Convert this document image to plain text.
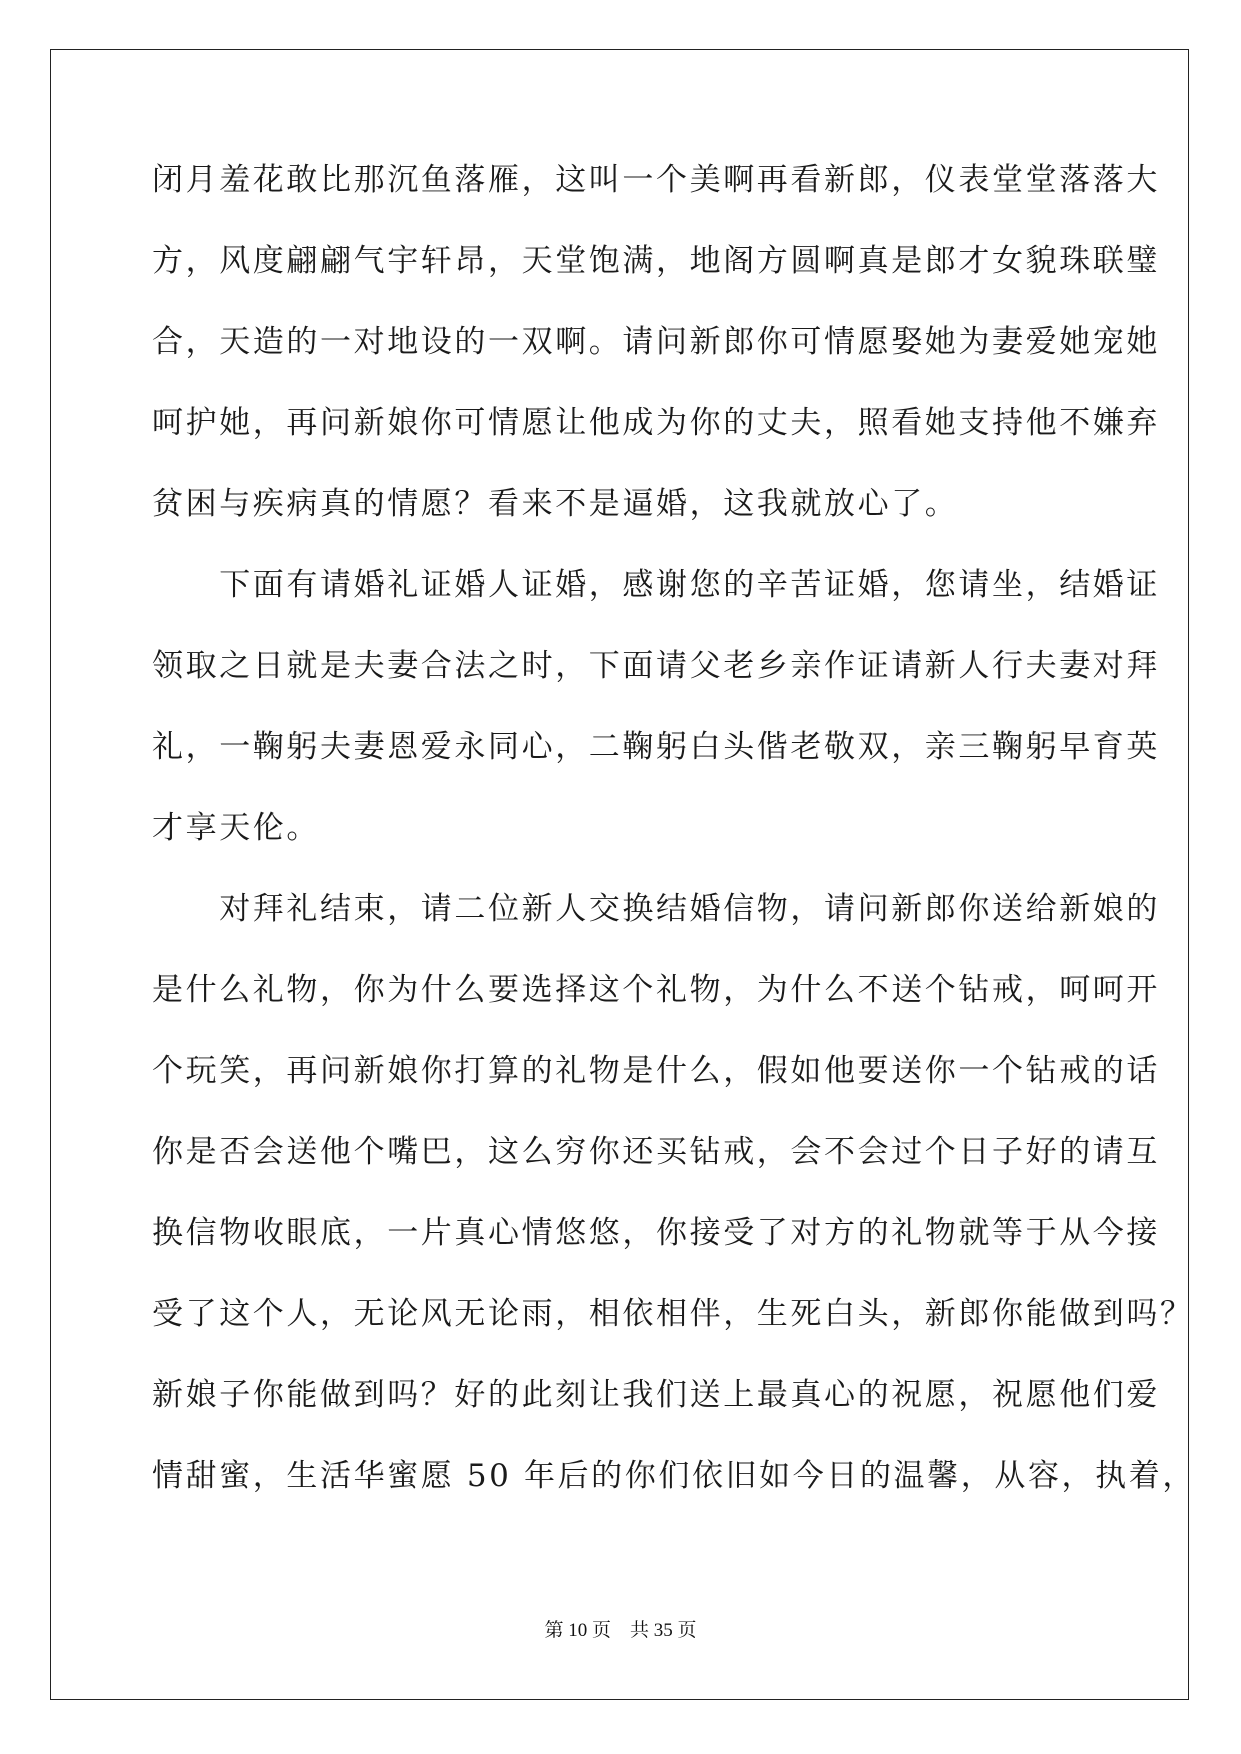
闭月羞花敢比那沉鱼落雁，这叫一个美啊再看新郎，仪表堂堂落落大
方，风度翩翩气宇轩昂，天堂饱满，地阁方圆啊真是郎才女貌珠联璧
合，天造的一对地设的一双啊。请问新郎你可情愿娶她为妻爱她宠她
呵护她，再问新娘你可情愿让他成为你的丈夫，照看她支持他不嫌弃
贫困与疾病真的情愿？看来不是逼婚，这我就放心了。
　　下面有请婚礼证婚人证婚，感谢您的辛苦证婚，您请坐，结婚证
领取之日就是夫妻合法之时，下面请父老乡亲作证请新人行夫妻对拜
礼，一鞠躬夫妻恩爱永同心，二鞠躬白头偕老敬双，亲三鞠躬早育英
才享天伦。
　　对拜礼结束，请二位新人交换结婚信物，请问新郎你送给新娘的
是什么礼物，你为什么要选择这个礼物，为什么不送个钻戒，呵呵开
个玩笑，再问新娘你打算的礼物是什么，假如他要送你一个钻戒的话
你是否会送他个嘴巴，这么穷你还买钻戒，会不会过个日子好的请互
换信物收眼底，一片真心情悠悠，你接受了对方的礼物就等于从今接
受了这个人，无论风无论雨，相依相伴，生死白头，新郎你能做到吗？
新娘子你能做到吗？好的此刻让我们送上最真心的祝愿，祝愿他们爱
情甜蜜，生活华蜜愿 50 年后的你们依旧如今日的温馨，从容，执着，
第 10 页　共 35 页
